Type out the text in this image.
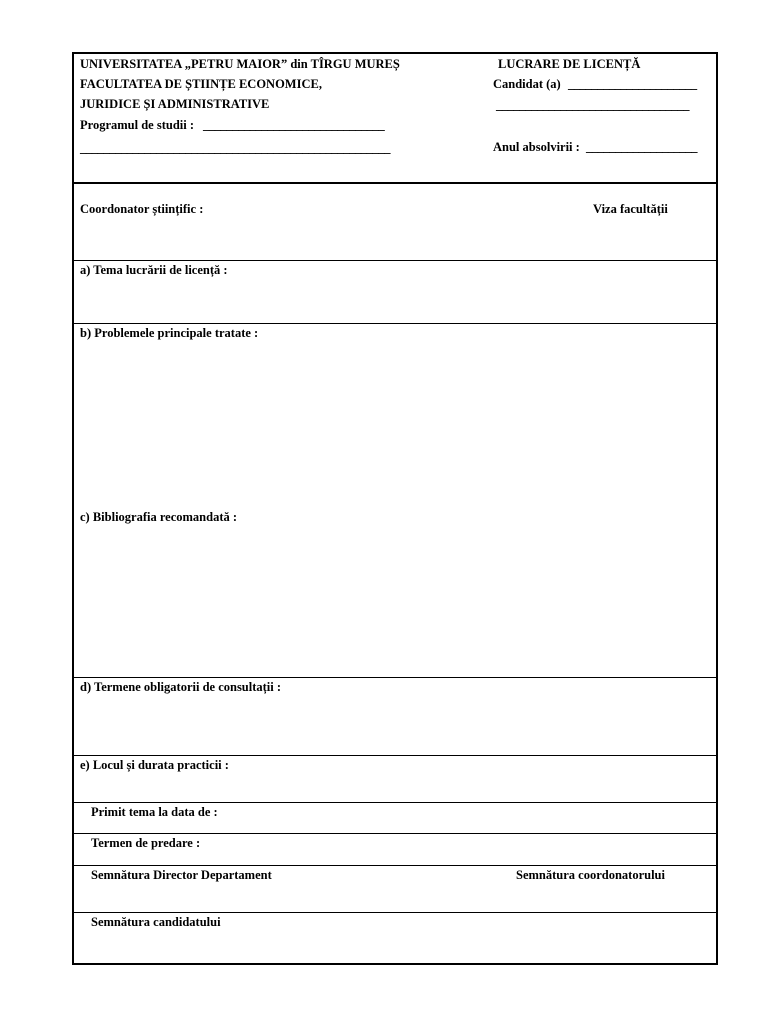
UNIVERSITATEA „PETRU MAIOR” din TÎRGU MUREȘ
FACULTATEA DE ȘTIINȚE ECONOMICE,
JURIDICE ȘI ADMINISTRATIVE
Programul de studii : _______________________________
_____________________________________________________
LUCRARE DE LICENȚĂ
Candidat (a) ______________________
_________________________________
Anul absolvirii : ___________________
Coordonator științific :	Viza facultății
a) Tema lucrării de licență :
b) Problemele principale tratate :
c) Bibliografia recomandată :
d) Termene obligatorii de consultații :
e) Locul și durata practicii :
Primit tema la data de :
Termen de predare :
Semnătura Director Departament	Semnătura coordonatorului
Semnătura candidatului
